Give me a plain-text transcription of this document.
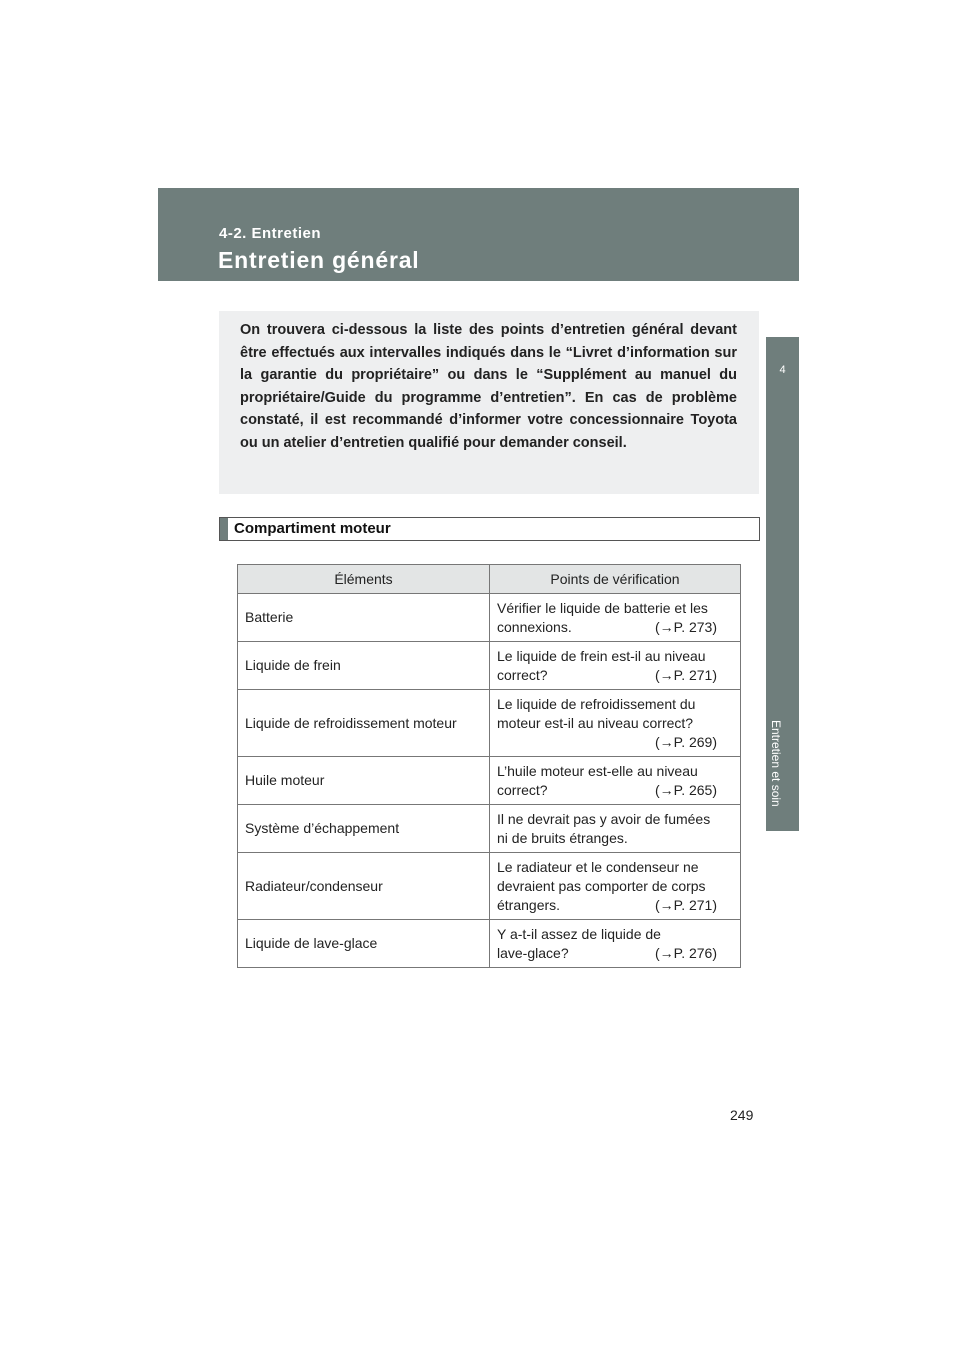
4-2. Entretien
Entretien général
4
Entretien et soin
On trouvera ci-dessous la liste des points d’entretien général devant être effectués aux intervalles indiqués dans le “Livret d’information sur la garantie du propriétaire” ou dans le “Supplément au manuel du propriétaire/Guide du programme d’entretien”. En cas de problème constaté, il est recommandé d’informer votre concessionnaire Toyota ou un atelier d’entretien qualifié pour demander conseil.
Compartiment moteur
Éléments	Points de vérification
Batterie	Vérifier le liquide de batterie et les
connexions. (→P. 273)

Liquide de frein	Le liquide de frein est-il au niveau
correct? (→P. 271)

Liquide de refroidissement moteur	Le liquide de refroidissement du
moteur est-il au niveau correct?
(→P. 269)

Huile moteur	L’huile moteur est-elle au niveau
correct? (→P. 265)

Système d’échappement	Il ne devrait pas y avoir de fumées
ni de bruits étranges.

Radiateur/condenseur	Le radiateur et le condenseur ne
devraient pas comporter de corps
étrangers. (→P. 271)

Liquide de lave-glace	Y a-t-il assez de liquide de
lave-glace? (→P. 276)
249
